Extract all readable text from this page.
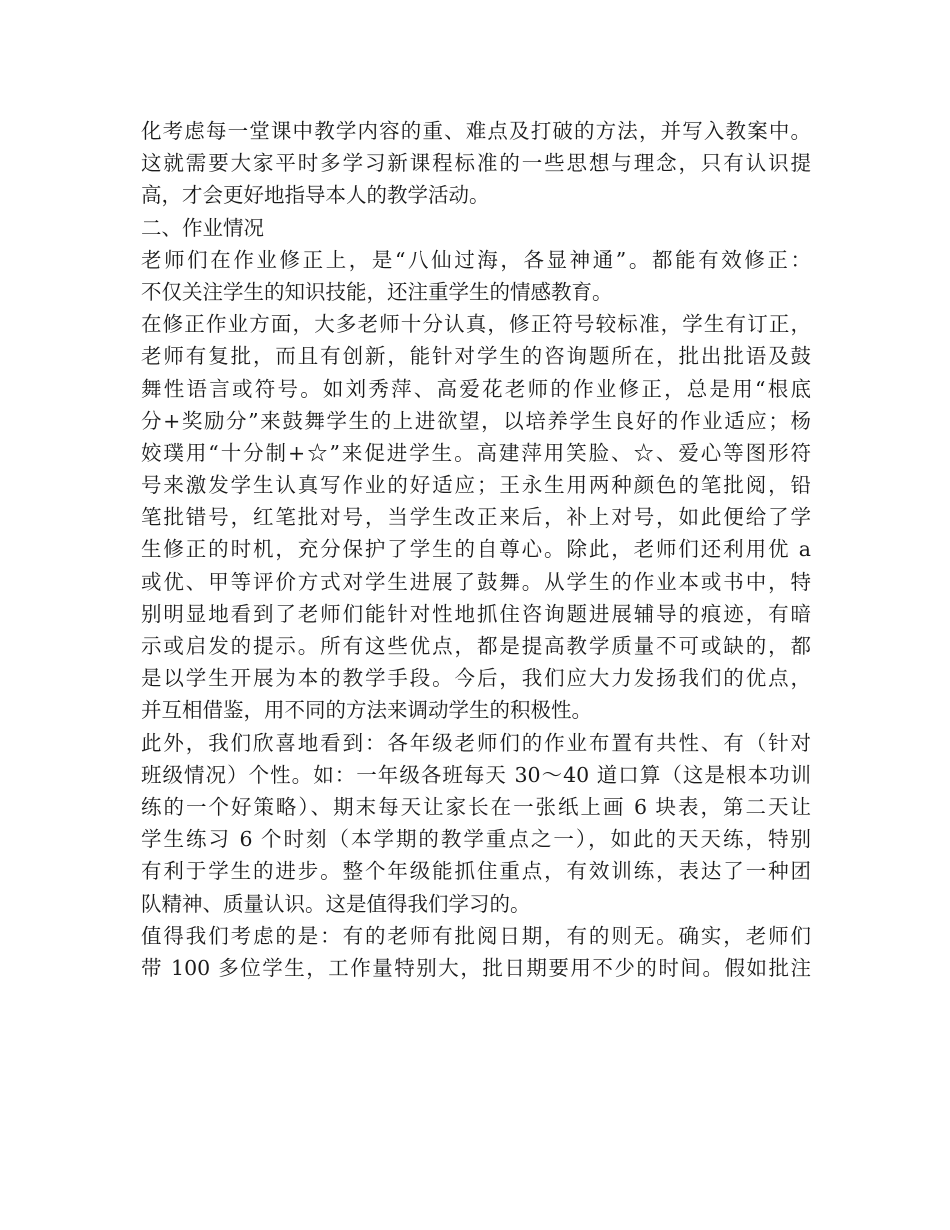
化考虑每一堂课中教学内容的重、难点及打破的方法，并写入教案中。
这就需要大家平时多学习新课程标准的一些思想与理念，只有认识提
高，才会更好地指导本人的教学活动。
二、作业情况
老师们在作业修正上，是“八仙过海，各显神通”。都能有效修正：
不仅关注学生的知识技能，还注重学生的情感教育。
在修正作业方面，大多老师十分认真，修正符号较标准，学生有订正，
老师有复批，而且有创新，能针对学生的咨询题所在，批出批语及鼓
舞性语言或符号。如刘秀萍、高爱花老师的作业修正，总是用“根底
分+奖励分”来鼓舞学生的上进欲望，以培养学生良好的作业适应；杨
姣璞用“十分制+☆”来促进学生。高建萍用笑脸、☆、爱心等图形符
号来激发学生认真写作业的好适应；王永生用两种颜色的笔批阅，铅
笔批错号，红笔批对号，当学生改正来后，补上对号，如此便给了学
生修正的时机，充分保护了学生的自尊心。除此，老师们还利用优 a
或优、甲等评价方式对学生进展了鼓舞。从学生的作业本或书中，特
别明显地看到了老师们能针对性地抓住咨询题进展辅导的痕迹，有暗
示或启发的提示。所有这些优点，都是提高教学质量不可或缺的，都
是以学生开展为本的教学手段。今后，我们应大力发扬我们的优点，
并互相借鉴，用不同的方法来调动学生的积极性。
此外，我们欣喜地看到：各年级老师们的作业布置有共性、有（针对
班级情况）个性。如：一年级各班每天 30～40 道口算（这是根本功训
练的一个好策略）、期末每天让家长在一张纸上画 6 块表，第二天让
学生练习 6 个时刻（本学期的教学重点之一），如此的天天练，特别
有利于学生的进步。整个年级能抓住重点，有效训练，表达了一种团
队精神、质量认识。这是值得我们学习的。
值得我们考虑的是：有的老师有批阅日期，有的则无。确实，老师们
带 100 多位学生，工作量特别大，批日期要用不少的时间。假如批注
